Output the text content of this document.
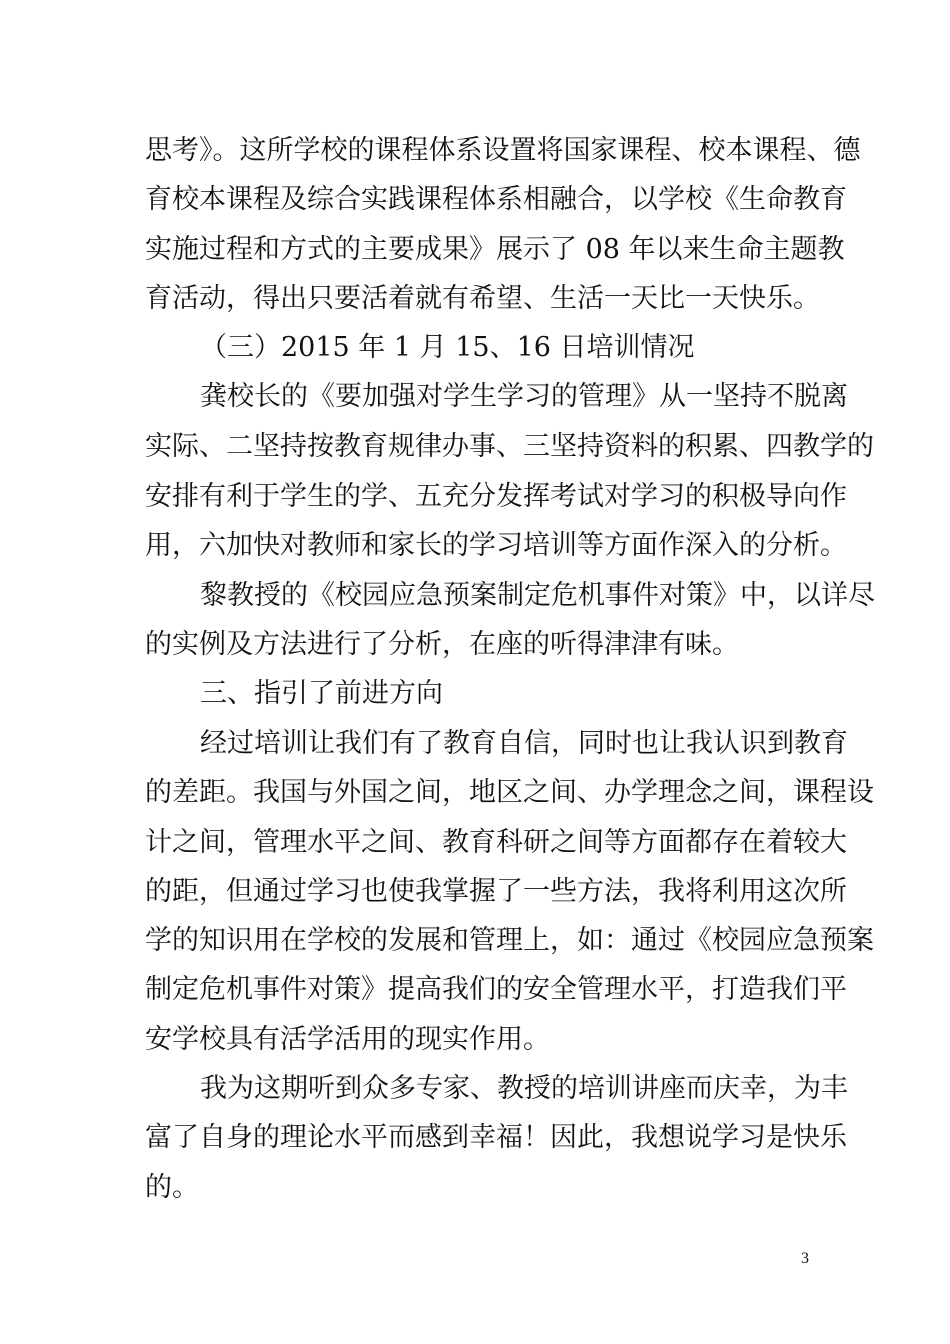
思考》。这所学校的课程体系设置将国家课程、校本课程、德
育校本课程及综合实践课程体系相融合，以学校《生命教育
实施过程和方式的主要成果》展示了 08 年以来生命主题教
育活动，得出只要活着就有希望、生活一天比一天快乐。
（三）2015 年 1 月 15、16 日培训情况
龚校长的《要加强对学生学习的管理》从一坚持不脱离
实际、二坚持按教育规律办事、三坚持资料的积累、四教学的
安排有利于学生的学、五充分发挥考试对学习的积极导向作
用，六加快对教师和家长的学习培训等方面作深入的分析。
黎教授的《校园应急预案制定危机事件对策》中，以详尽
的实例及方法进行了分析，在座的听得津津有味。
三、指引了前进方向
经过培训让我们有了教育自信，同时也让我认识到教育
的差距。我国与外国之间，地区之间、办学理念之间，课程设
计之间，管理水平之间、教育科研之间等方面都存在着较大
的距，但通过学习也使我掌握了一些方法，我将利用这次所
学的知识用在学校的发展和管理上，如：通过《校园应急预案
制定危机事件对策》提高我们的安全管理水平，打造我们平
安学校具有活学活用的现实作用。
我为这期听到众多专家、教授的培训讲座而庆幸，为丰
富了自身的理论水平而感到幸福！因此，我想说学习是快乐
的。
3
